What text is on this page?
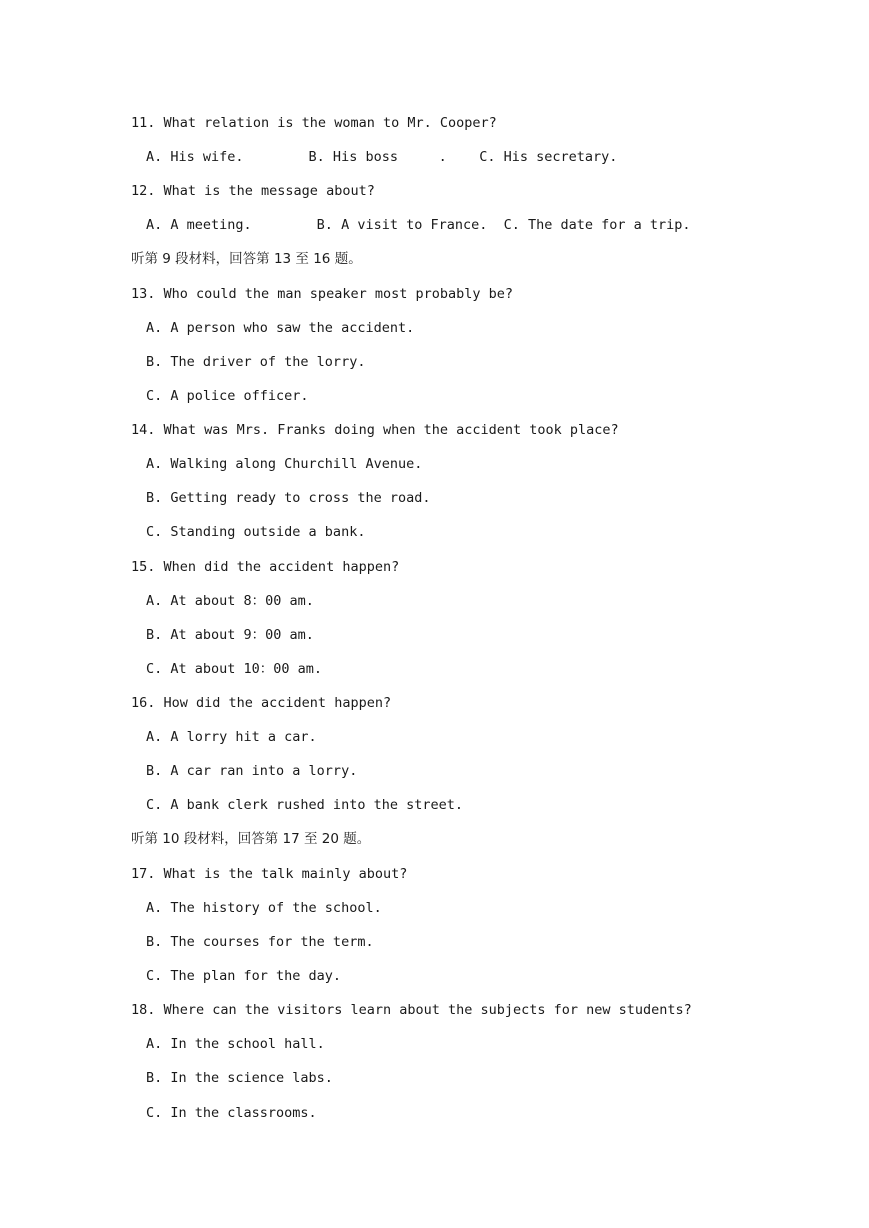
11. What relation is the woman to Mr. Cooper?
A. His wife.        B. His boss     .    C. His secretary.
12. What is the message about?
A. A meeting.        B. A visit to France.  C. The date for a trip.
听第 9 段材料，回答第 13 至 16 题。
13. Who could the man speaker most probably be?
A. A person who saw the accident.
B. The driver of the lorry.
C. A police officer.
14. What was Mrs. Franks doing when the accident took place?
A. Walking along Churchill Avenue.
B. Getting ready to cross the road.
C. Standing outside a bank.
15. When did the accident happen?
A. At about 8：00 am.
B. At about 9：00 am.
C. At about 10：00 am.
16. How did the accident happen?
A. A lorry hit a car.
B. A car ran into a lorry.
C. A bank clerk rushed into the street.
听第 10 段材料，回答第 17 至 20 题。
17. What is the talk mainly about?
A. The history of the school.
B. The courses for the term.
C. The plan for the day.
18. Where can the visitors learn about the subjects for new students?
A. In the school hall.
B. In the science labs.
C. In the classrooms.
